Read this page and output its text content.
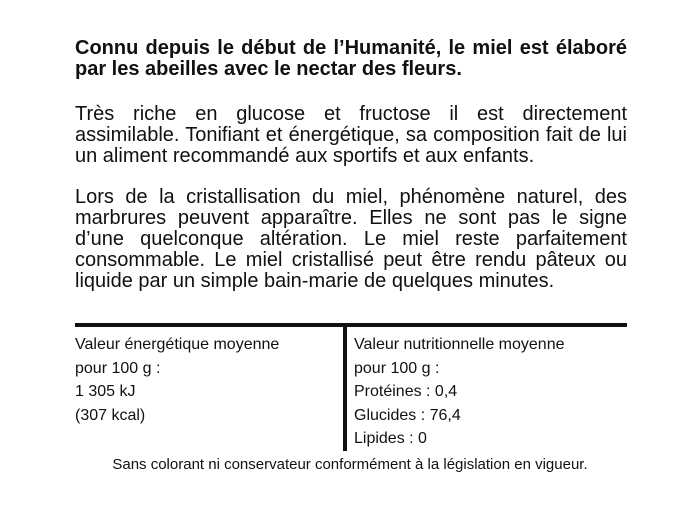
Connu depuis le début de l’Humanité, le miel est élaboré par les abeilles avec le nectar des fleurs.

Très riche en glucose et fructose il est directement assimilable. Tonifiant et énergétique, sa composition fait de lui un aliment recommandé aux sportifs et aux enfants.

Lors de la cristallisation du miel, phénomène naturel, des marbrures peuvent apparaître. Elles ne sont pas le signe d’une quelconque altération. Le miel reste parfaitement consommable. Le miel cristallisé peut être rendu pâteux ou liquide par un simple bain-marie de quelques minutes.

Valeur énergétique moyenne
pour 100 g :
1 305 kJ
(307 kcal)
Valeur nutritionnelle moyenne
pour 100 g :
Protéines : 0,4
Glucides : 76,4
Lipides : 0
Sans colorant ni conservateur conformément à la législation en vigueur.
